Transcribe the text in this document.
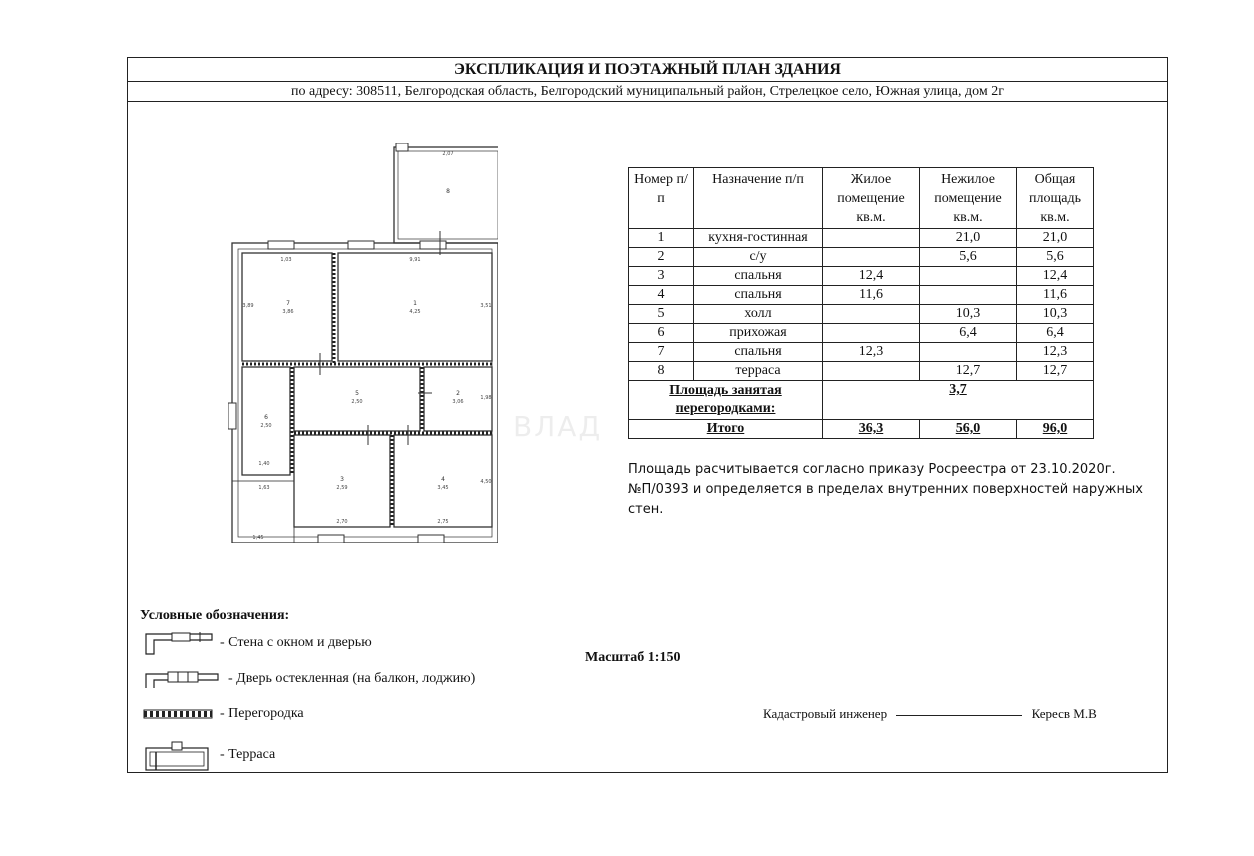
ЭКСПЛИКАЦИЯ И ПОЭТАЖНЫЙ ПЛАН ЗДАНИЯ
по адресу: 308511, Белгородская область, Белгородский муниципальный район, Стрелецкое село, Южная улица, дом 2г
8
7	1
6
2
5
3	4
2,07
1,03	9,91
3,86	4,25
2,50	3,06
2,50
1,40
1,45
2,59	3,45
2,70	2,75
1,63
4,50
3,51
3,89
1,98
ВЛАД
Номер п/п	Назначение п/п	Жилое помещение кв.м.	Нежилое помещение кв.м.	Общая площадь кв.м.
1	кухня-гостинная		21,0	21,0
2	с/у		5,6	5,6
3	спальня	12,4		12,4
4	спальня	11,6		11,6
5	холл		10,3	10,3
6	прихожая		6,4	6,4
7	спальня	12,3		12,3
8	терраса		12,7	12,7
Площадь занятая перегородками:		3,7		
Итого		36,3	56,0	96,0
Площадь расчитывается согласно приказу Росреестра от 23.10.2020г. №П/0393 и определяется в пределах внутренних поверхностей наружных стен.
Масштаб 1:150
Кадастровый инженер	Кересв М.В
Условные обозначения:
- Стена с окном и дверью
- Дверь остекленная (на балкон, лоджию)
- Перегородка
- Терраса
